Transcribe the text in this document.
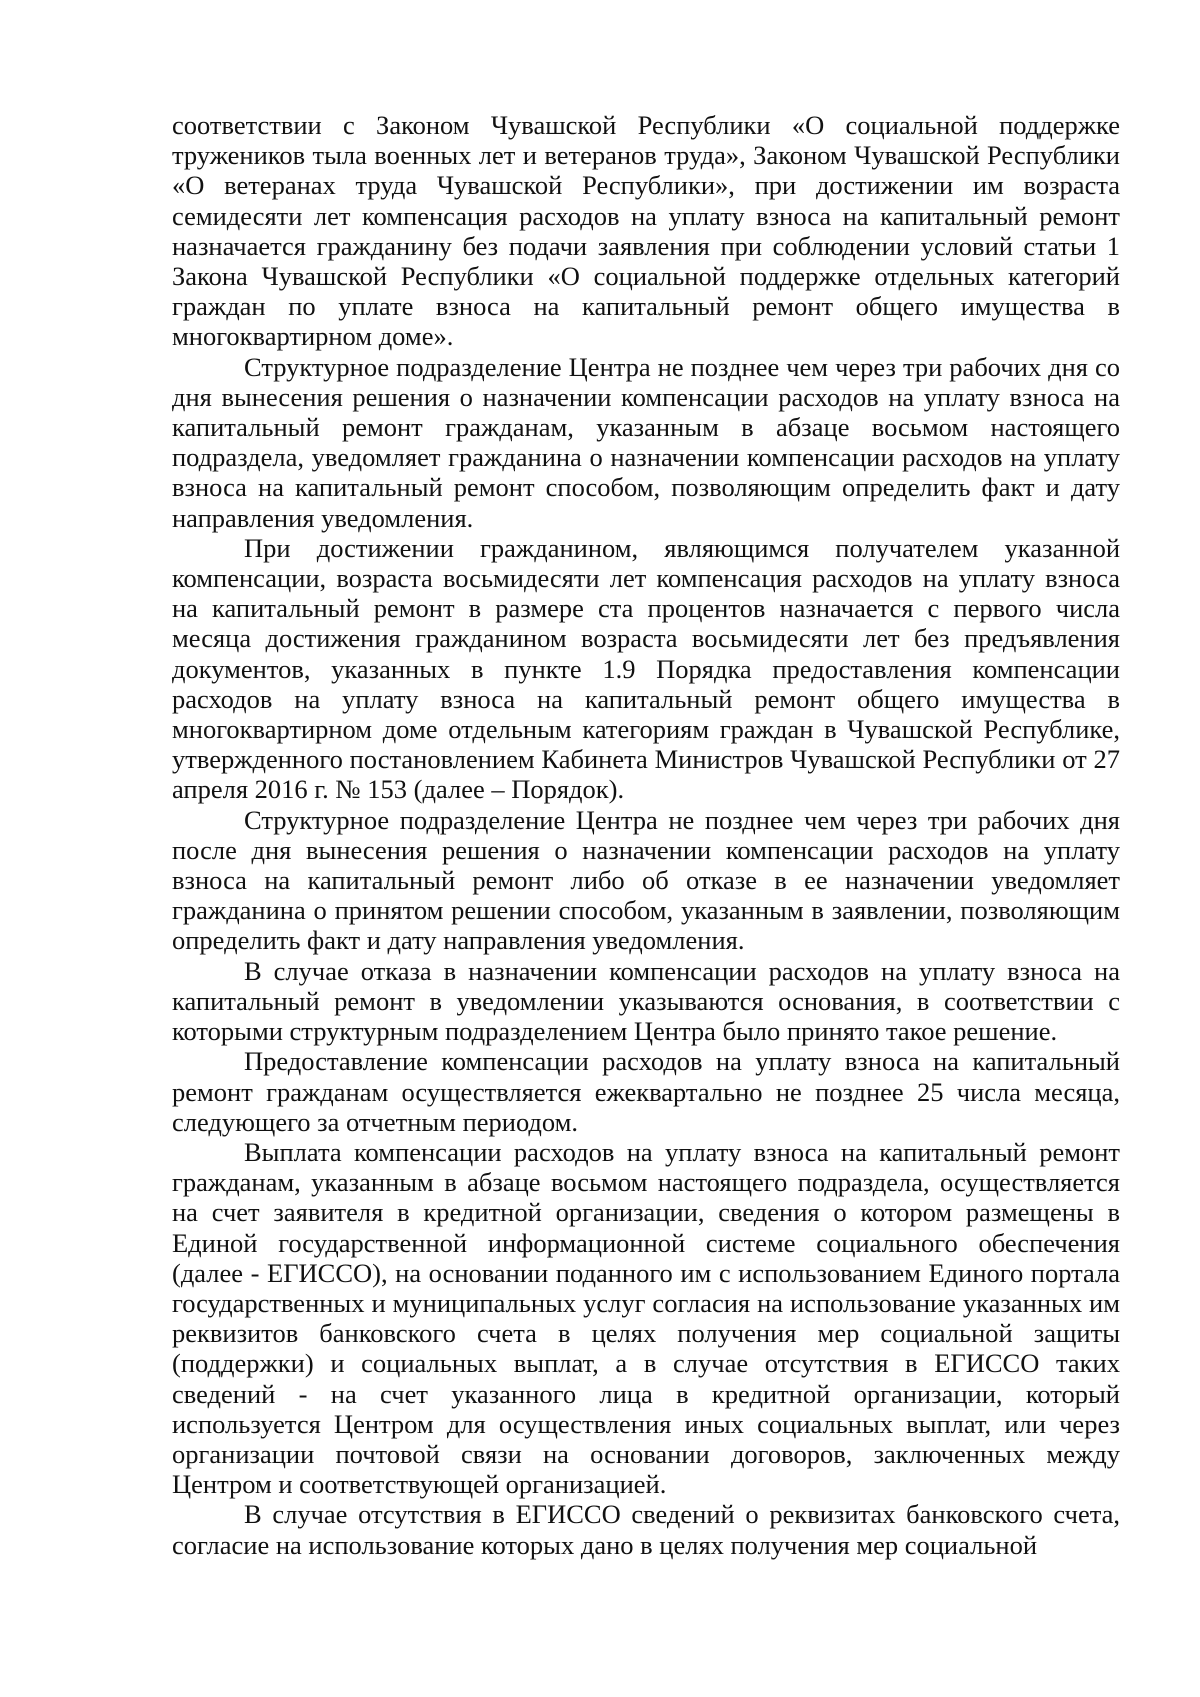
соответствии с Законом Чувашской Республики «О социальной поддержке тружеников тыла военных лет и ветеранов труда», Законом Чувашской Республики «О ветеранах труда Чувашской Республики», при достижении им возраста семидесяти лет компенсация расходов на уплату взноса на капитальный ремонт назначается гражданину без подачи заявления при соблюдении условий статьи 1 Закона Чувашской Республики «О социальной поддержке отдельных категорий граждан по уплате взноса на капитальный ремонт общего имущества в многоквартирном доме».

Структурное подразделение Центра не позднее чем через три рабочих дня со дня вынесения решения о назначении компенсации расходов на уплату взноса на капитальный ремонт гражданам, указанным в абзаце восьмом настоящего подраздела, уведомляет гражданина о назначении компенсации расходов на уплату взноса на капитальный ремонт способом, позволяющим определить факт и дату направления уведомления.

При достижении гражданином, являющимся получателем указанной компенсации, возраста восьмидесяти лет компенсация расходов на уплату взноса на капитальный ремонт в размере ста процентов назначается с первого числа месяца достижения гражданином возраста восьмидесяти лет без предъявления документов, указанных в пункте 1.9 Порядка предоставления компенсации расходов на уплату взноса на капитальный ремонт общего имущества в многоквартирном доме отдельным категориям граждан в Чувашской Республике, утвержденного постановлением Кабинета Министров Чувашской Республики от 27 апреля 2016 г. № 153 (далее – Порядок).

Структурное подразделение Центра не позднее чем через три рабочих дня после дня вынесения решения о назначении компенсации расходов на уплату взноса на капитальный ремонт либо об отказе в ее назначении уведомляет гражданина о принятом решении способом, указанным в заявлении, позволяющим определить факт и дату направления уведомления.

В случае отказа в назначении компенсации расходов на уплату взноса на капитальный ремонт в уведомлении указываются основания, в соответствии с которыми структурным подразделением Центра было принято такое решение.

Предоставление компенсации расходов на уплату взноса на капитальный ремонт гражданам осуществляется ежеквартально не позднее 25 числа месяца, следующего за отчетным периодом.

Выплата компенсации расходов на уплату взноса на капитальный ремонт гражданам, указанным в абзаце восьмом настоящего подраздела, осуществляется на счет заявителя в кредитной организации, сведения о котором размещены в Единой государственной информационной системе социального обеспечения (далее - ЕГИССО), на основании поданного им с использованием Единого портала государственных и муниципальных услуг согласия на использование указанных им реквизитов банковского счета в целях получения мер социальной защиты (поддержки) и социальных выплат, а в случае отсутствия в ЕГИССО таких сведений - на счет указанного лица в кредитной организации, который используется Центром для осуществления иных социальных выплат, или через организации почтовой связи на основании договоров, заключенных между Центром и соответствующей организацией.

В случае отсутствия в ЕГИССО сведений о реквизитах банковского счета, согласие на использование которых дано в целях получения мер социальной
